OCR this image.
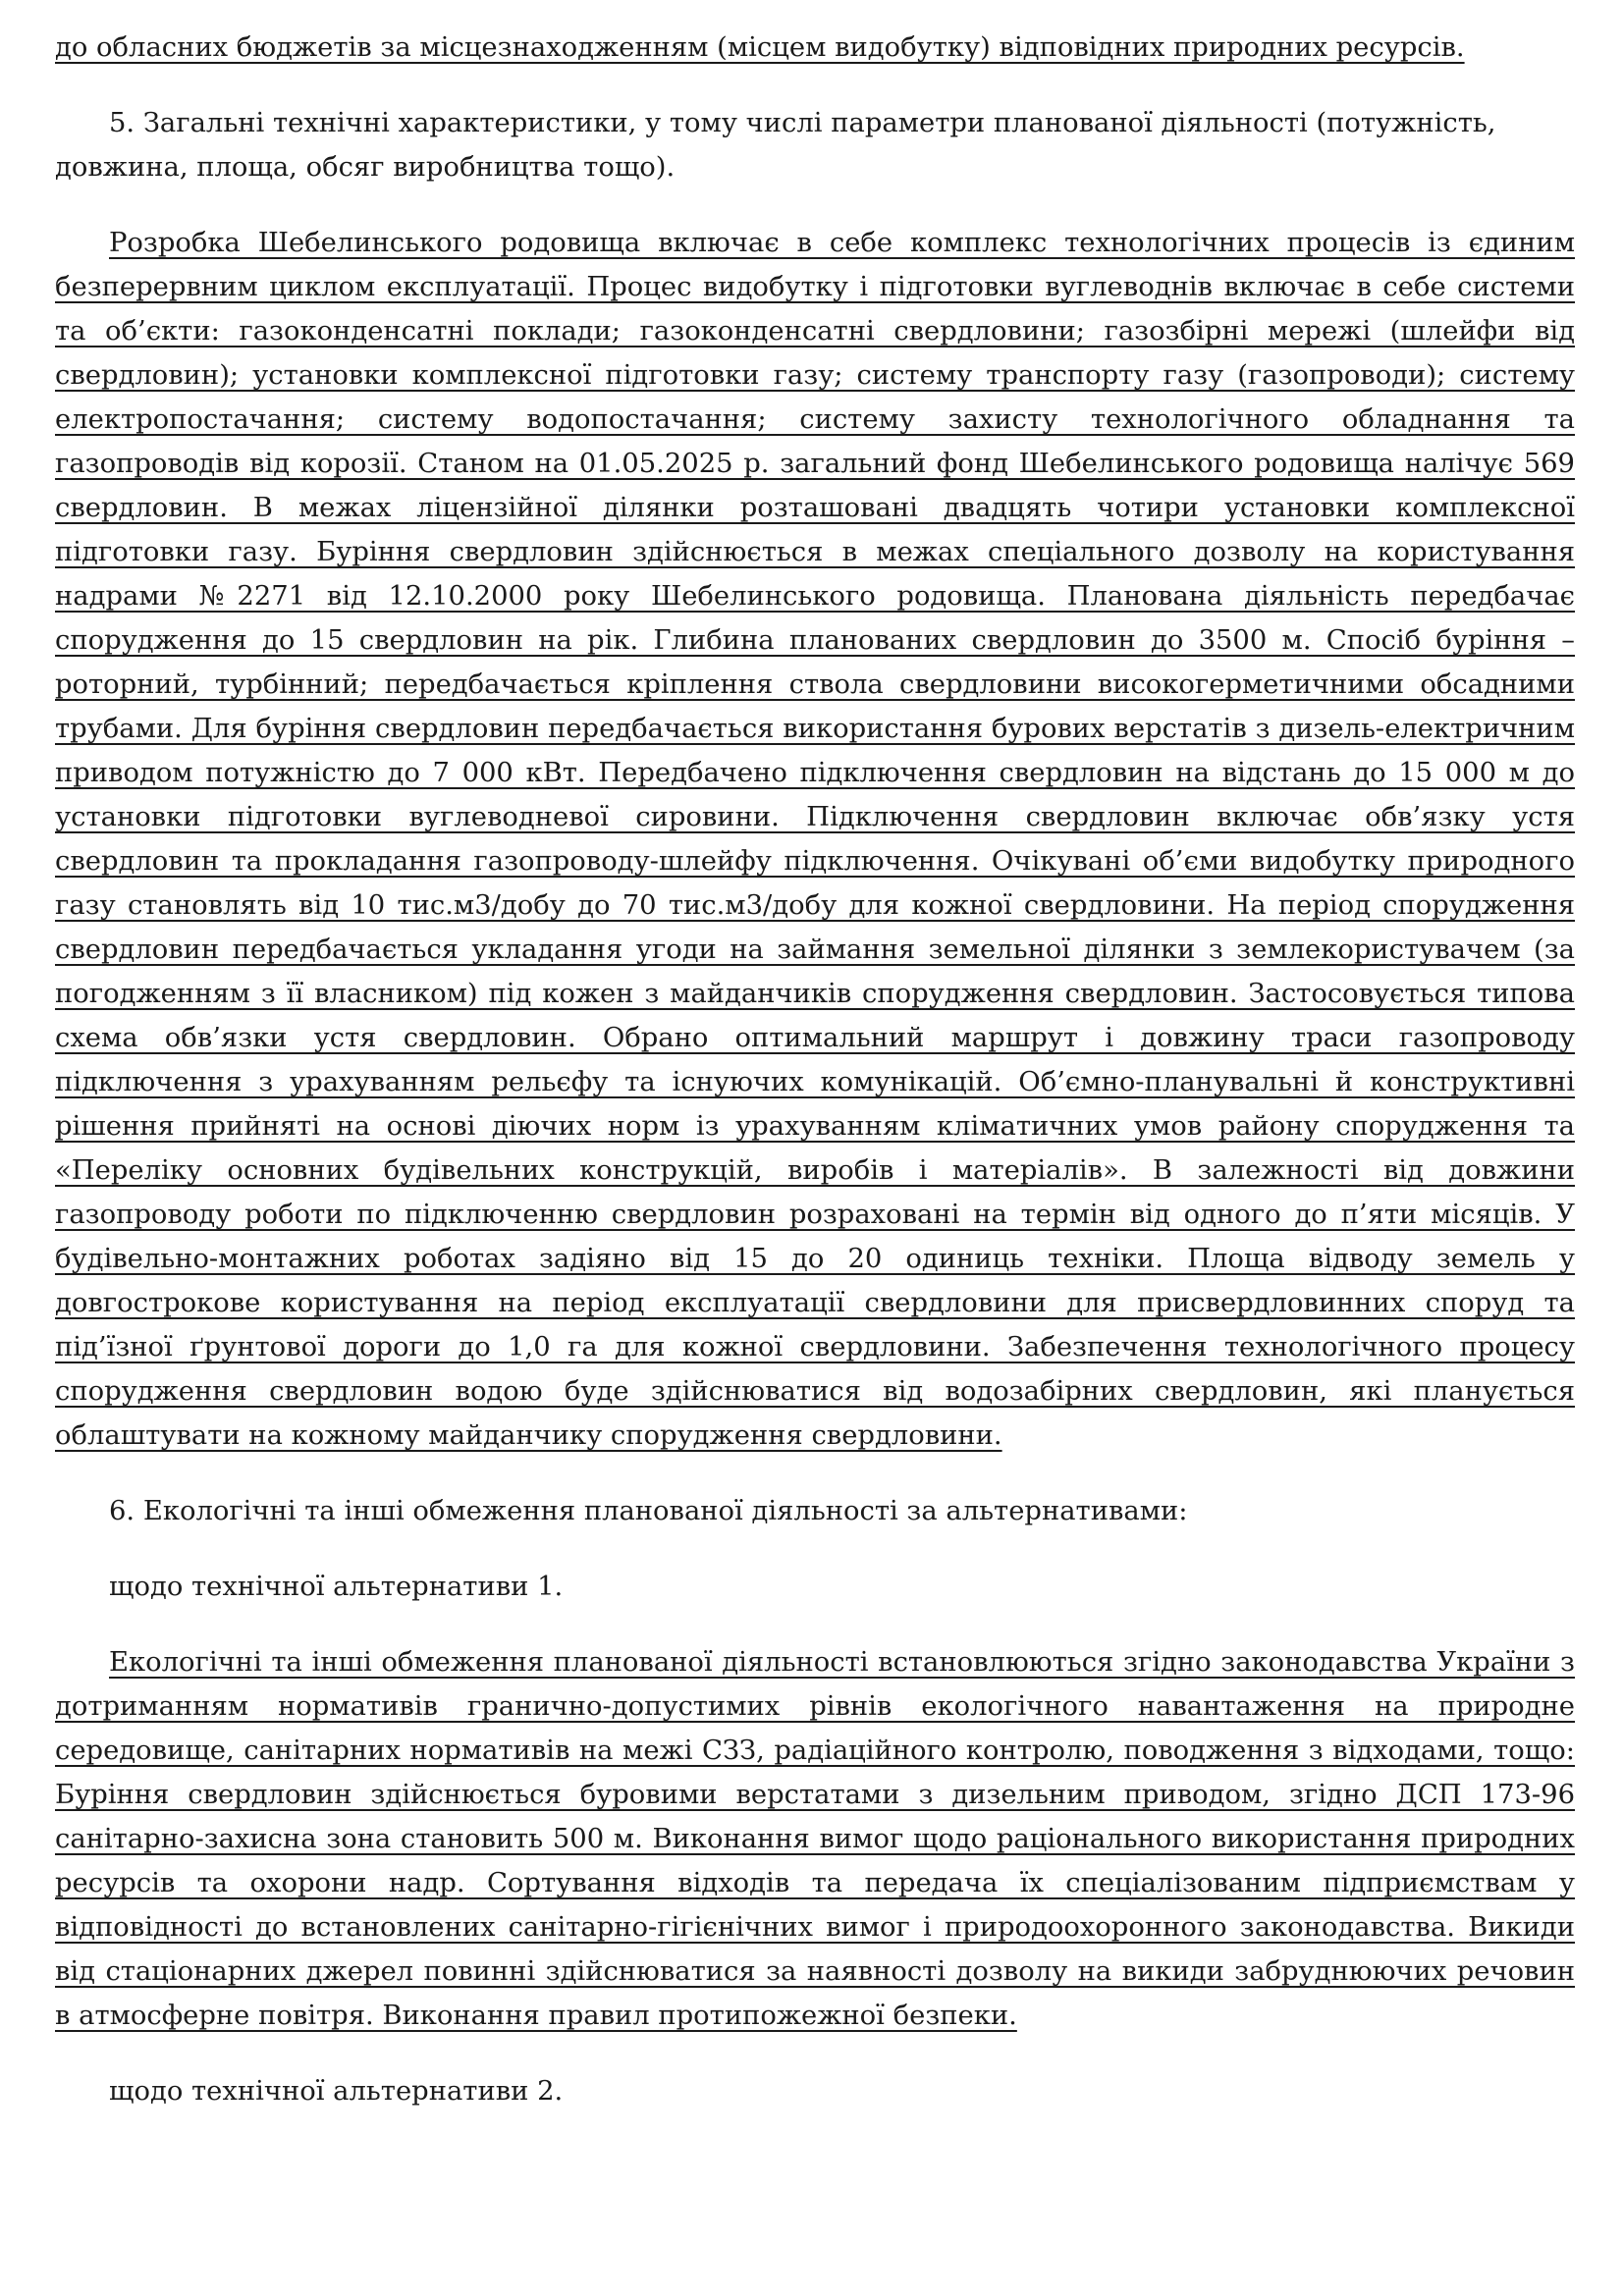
до обласних бюджетів за місцезнаходженням (місцем видобутку) відповідних природних ресурсів.

5. Загальні технічні характеристики, у тому числі параметри планованої діяльності (потужність, довжина, площа, обсяг виробництва тощо).

Розробка Шебелинського родовища включає в себе комплекс технологічних процесів із єдиним безперервним циклом експлуатації. Процес видобутку і підготовки вуглеводнів включає в себе системи та об’єкти: газоконденсатні поклади; газоконденсатні свердловини; газозбірні мережі (шлейфи від свердловин); установки комплексної підготовки газу; систему транспорту газу (газопроводи); систему електропостачання; систему водопостачання; систему захисту технологічного обладнання та газопроводів від корозії. Станом на 01.05.2025 р. загальний фонд Шебелинського родовища налічує 569 свердловин. В межах ліцензійної ділянки розташовані двадцять чотири установки комплексної підготовки газу. Буріння свердловин здійснюється в межах спеціального дозволу на користування надрами №2271 від 12.10.2000 року Шебелинського родовища. Планована діяльність передбачає спорудження до 15 свердловин на рік. Глибина планованих свердловин до 3500 м. Спосіб буріння – роторний, турбінний; передбачається кріплення ствола свердловини високогерметичними обсадними трубами. Для буріння свердловин передбачається використання бурових верстатів з дизель-електричним приводом потужністю до 7 000 кВт. Передбачено підключення свердловин на відстань до 15 000 м до установки підготовки вуглеводневої сировини. Підключення свердловин включає обв’язку устя свердловин та прокладання газопроводу-шлейфу підключення. Очікувані об’єми видобутку природного газу становлять від 10 тис.м3/добу до 70 тис.м3/добу для кожної свердловини. На період спорудження свердловин передбачається укладання угоди на займання земельної ділянки з землекористувачем (за погодженням з її власником) під кожен з майданчиків спорудження свердловин. Застосовується типова схема обв’язки устя свердловин. Обрано оптимальний маршрут і довжину траси газопроводу підключення з урахуванням рельєфу та існуючих комунікацій. Об’ємно-планувальні й конструктивні рішення прийняті на основі діючих норм із урахуванням кліматичних умов району спорудження та «Переліку основних будівельних конструкцій, виробів і матеріалів». В залежності від довжини газопроводу роботи по підключенню свердловин розраховані на термін від одного до п’яти місяців. У будівельно-монтажних роботах задіяно від 15 до 20 одиниць техніки. Площа відводу земель у довгострокове користування на період експлуатації свердловини для присвердловинних споруд та під’їзної ґрунтової дороги до 1,0 га для кожної свердловини. Забезпечення технологічного процесу спорудження свердловин водою буде здійснюватися від водозабірних свердловин, які планується облаштувати на кожному майданчику спорудження свердловини.

6. Екологічні та інші обмеження планованої діяльності за альтернативами:

щодо технічної альтернативи 1.

Екологічні та інші обмеження планованої діяльності встановлюються згідно законодавства України з дотриманням нормативів гранично-допустимих рівнів екологічного навантаження на природне середовище, санітарних нормативів на межі СЗЗ, радіаційного контролю, поводження з відходами, тощо: Буріння свердловин здійснюється буровими верстатами з дизельним приводом, згідно ДСП 173-96 санітарно-захисна зона становить 500 м. Виконання вимог щодо раціонального використання природних ресурсів та охорони надр. Сортування відходів та передача їх спеціалізованим підприємствам у відповідності до встановлених санітарно-гігієнічних вимог і природоохоронного законодавства. Викиди від стаціонарних джерел повинні здійснюватися за наявності дозволу на викиди забруднюючих речовин в атмосферне повітря. Виконання правил протипожежної безпеки.

щодо технічної альтернативи 2.
